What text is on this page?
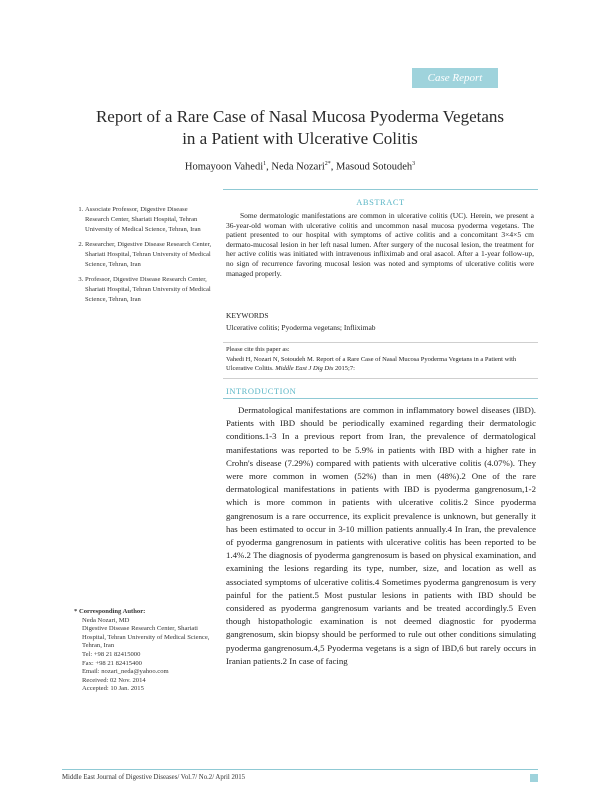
Case Report
Report of a Rare Case of Nasal Mucosa Pyoderma Vegetans
in a Patient with Ulcerative Colitis
Homayoon Vahedi$^1$, Neda Nozari$^{2*}$, Masoud Sotoudeh$^3$
1. Associate Professor, Digestive Disease Research Center, Shariati Hospital, Tehran University of Medical Science, Tehran, Iran
2. Researcher, Digestive Disease Research Center, Shariati Hospital, Tehran University of Medical Science, Tehran, Iran
3. Professor, Digestive Disease Research Center, Shariati Hospital, Tehran University of Medical Science, Tehran, Iran
ABSTRACT
Some dermatologic manifestations are common in ulcerative colitis (UC). Herein, we present a 36-year-old woman with ulcerative colitis and uncommon nasal mucosa pyoderma vegetans. The patient presented to our hospital with symptoms of active colitis and a concomitant 3×4×5 cm dermato-mucosal lesion in her left nasal lumen. After surgery of the nucosal lesion, the treatment for her active colitis was initiated with intravenous infliximab and oral asacol. After a 1-year follow-up, no sign of recurrence favoring mucosal lesion was noted and symptoms of ulcerative colitis were managed properly.
KEYWORDS
Ulcerative colitis; Pyoderma vegetans; Infliximab
Please cite this paper as:
Vahedi H, Nozari N, Sotoudeh M. Report of a Rare Case of Nasal Mucosa Pyoderma Vegetans in a Patient with Ulcerative Colitis. Middle East J Dig Dis 2015;7:
INTRODUCTION
Dermatological manifestations are common in inflammatory bowel diseases (IBD). Patients with IBD should be periodically examined regarding their dermatologic conditions.1-3 In a previous report from Iran, the prevalence of dermatological manifestations was reported to be 5.9% in patients with IBD with a higher rate in Crohn's disease (7.29%) compared with patients with ulcerative colitis (4.07%). They were more common in women (52%) than in men (48%).2 One of the rare dermatological manifestations in patients with IBD is pyoderma gangrenosum,1-2 which is more common in patients with ulcerative colitis.2 Since pyoderma gangrenosum is a rare occurrence, its explicit prevalence is unknown, but generally it has been estimated to occur in 3-10 million patients annually.4 In Iran, the prevalence of pyoderma gangrenosum in patients with ulcerative colitis has been reported to be 1.4%.2 The diagnosis of pyoderma gangrenosum is based on physical examination, and examining the lesions regarding its type, number, size, and location as well as associated symptoms of ulcerative colitis.4 Sometimes pyoderma gangrenosum is very painful for the patient.5 Most pustular lesions in patients with IBD should be considered as pyoderma gangrenosum variants and be treated accordingly.5 Even though histopathologic examination is not deemed diagnostic for pyoderma gangrenosum, skin biopsy should be performed to rule out other conditions simulating pyoderma gangrenosum.4,5 Pyoderma vegetans is a sign of IBD,6 but rarely occurs in Iranian patients.2 In case of facing
* Corresponding Author:
Neda Nozari, MD
Digestive Disease Research Center, Shariati Hospital, Tehran University of Medical Science, Tehran, Iran
Tel: +98 21 82415000
Fax: +98 21 82415400
Email: nozari_neda@yahoo.com
Received: 02 Nov. 2014
Accepted: 10 Jan. 2015
Middle East Journal of Digestive Diseases/ Vol.7/ No.2/ April 2015
